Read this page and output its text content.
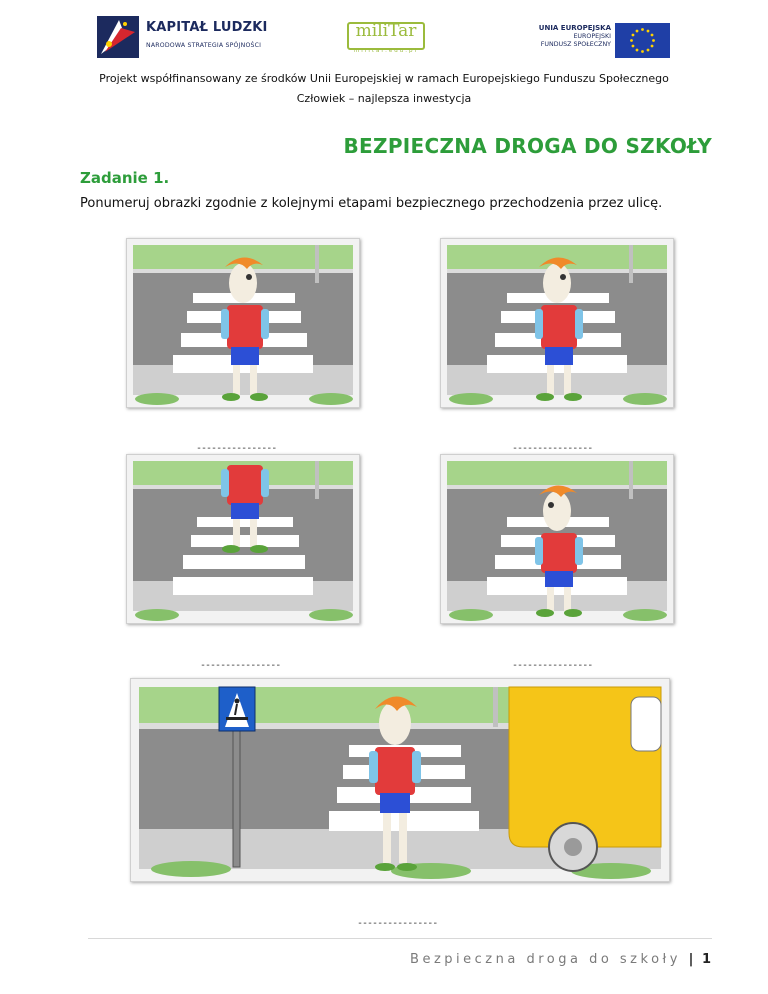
KAPITAŁ LUDZKI
NARODOWA STRATEGIA SPÓJNOŚCI
miliTar
militar.edu.pl
UNIA EUROPEJSKA
EUROPEJSKI
FUNDUSZ SPOŁECZNY
Projekt współfinansowany ze środków Unii Europejskiej w ramach Europejskiego Funduszu Społecznego
Człowiek – najlepsza inwestycja
BEZPIECZNA DROGA DO SZKOŁY
Zadanie 1.
Ponumeruj obrazki zgodnie z kolejnymi etapami bezpiecznego przechodzenia przez ulicę.
----------------	----------------
----------------	----------------
----------------
Bezpieczna droga do szkoły | 1
